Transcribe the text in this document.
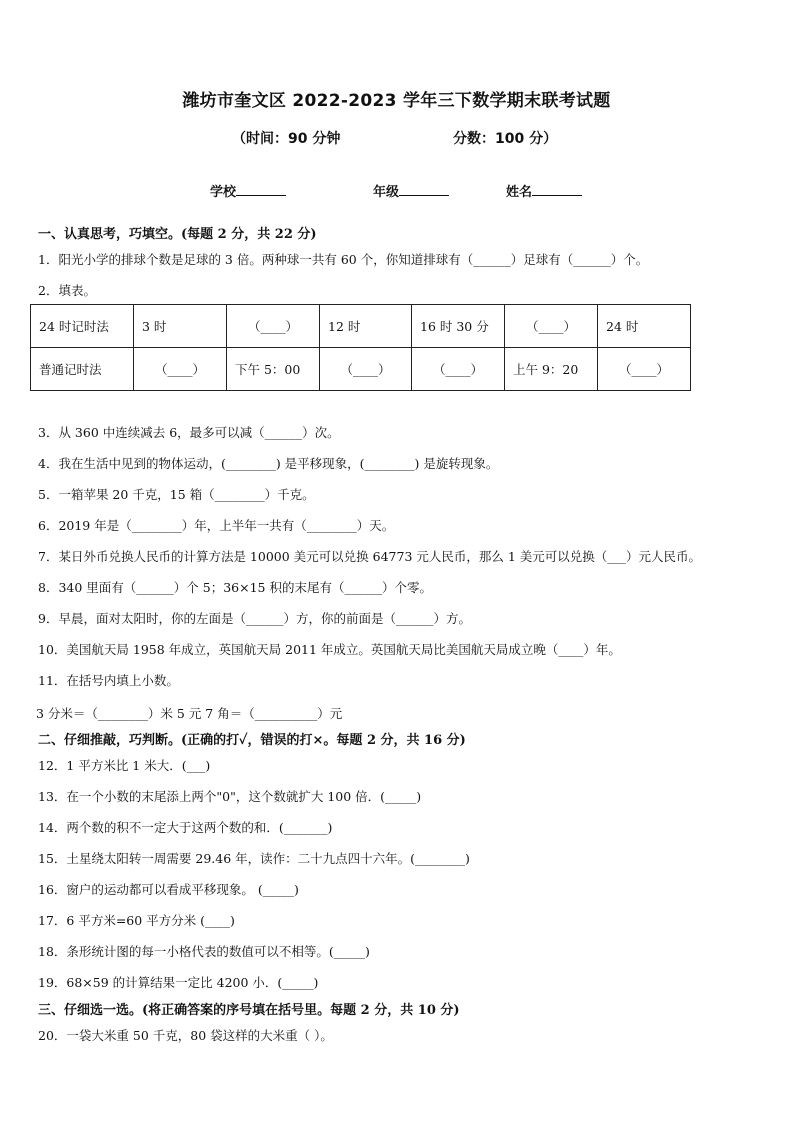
潍坊市奎文区 2022-2023 学年三下数学期末联考试题
（时间：90 分钟	分数：100 分）
学校	年级	姓名
一、认真思考，巧填空。(每题 2 分，共 22 分)
1．阳光小学的排球个数是足球的 3 倍。两种球一共有 60 个，你知道排球有（______）足球有（______）个。
2．填表。
24 时记时法	3 时	（____）	12 时	16 时 30 分	（____）	24 时
普通记时法	（____）	下午 5：00	（____）	（____）	上午 9：20	（____）
3．从 360 中连续减去 6，最多可以减（______）次。
4．我在生活中见到的物体运动，(________) 是平移现象，(________) 是旋转现象。
5．一箱苹果 20 千克，15 箱（________）千克。
6．2019 年是（________）年，上半年一共有（________）天。
7．某日外币兑换人民币的计算方法是 10000 美元可以兑换 64773 元人民币，那么 1 美元可以兑换（___）元人民币。
8．340 里面有（______）个 5；36×15 积的末尾有（______）个零。
9．早晨，面对太阳时，你的左面是（______）方，你的前面是（______）方。
10．美国航天局 1958 年成立，英国航天局 2011 年成立。英国航天局比美国航天局成立晚（____）年。
11．在括号内填上小数。
3 分米＝（________）米 5 元 7 角＝（__________）元
二、仔细推敲，巧判断。(正确的打✓，错误的打×。每题 2 分，共 16 分)
12．1 平方米比 1 米大．(___)
13．在一个小数的末尾添上两个"0"，这个数就扩大 100 倍．(_____)
14．两个数的积不一定大于这两个数的和．(_______)
15．土星绕太阳转一周需要 29.46 年，读作：二十九点四十六年。(________)
16．窗户的运动都可以看成平移现象。 (_____)
17．6 平方米=60 平方分米 (____)
18．条形统计图的每一小格代表的数值可以不相等。(_____)
19．68×59 的计算结果一定比 4200 小．(_____)
三、仔细选一选。(将正确答案的序号填在括号里。每题 2 分，共 10 分)
20．一袋大米重 50 千克，80 袋这样的大米重（ ）。
